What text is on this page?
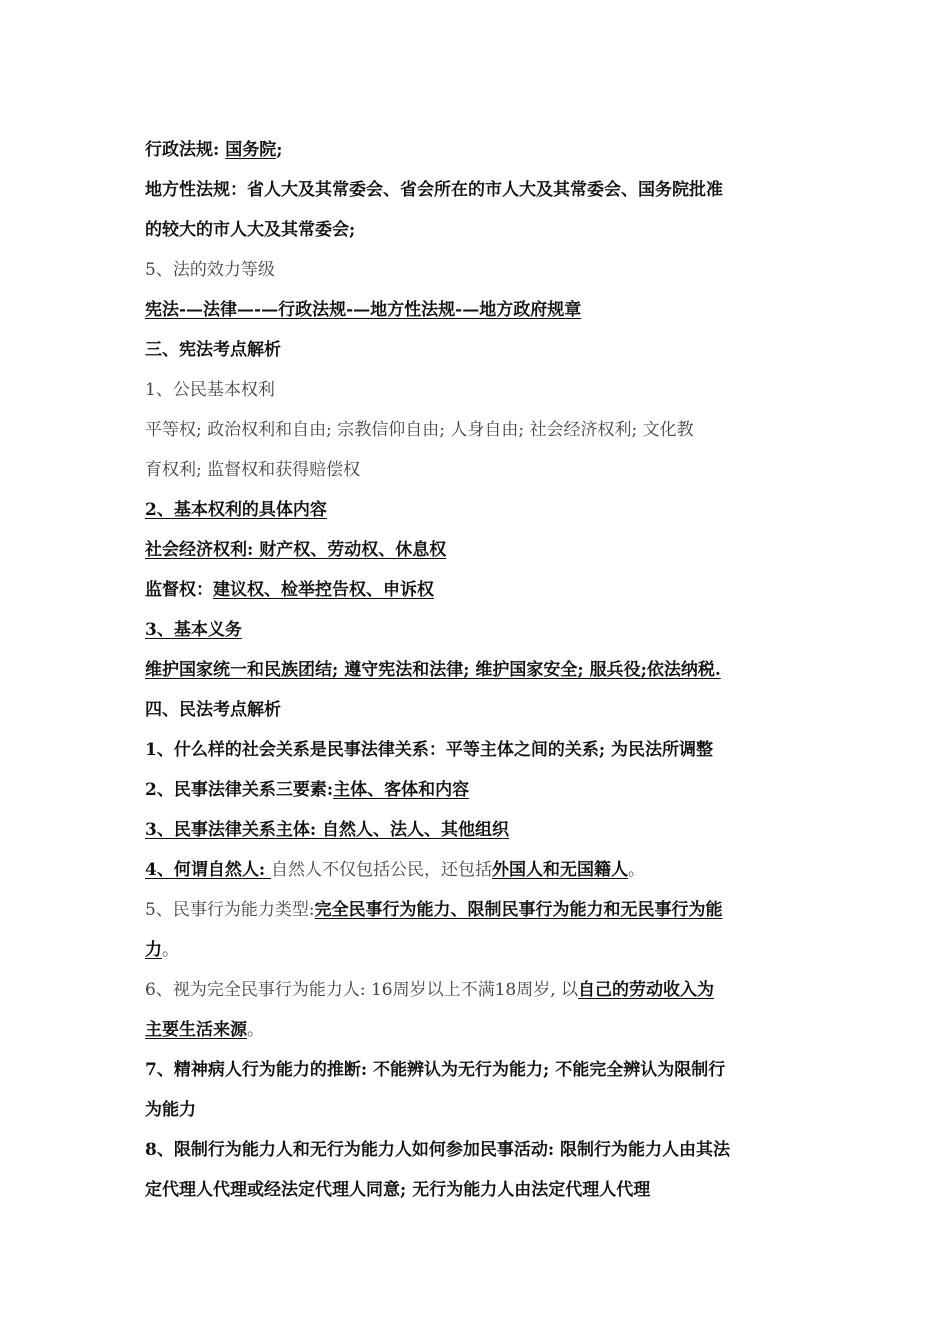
行政法规: 国务院;
地方性法规：省人大及其常委会、省会所在的市人大及其常委会、国务院批准
的较大的市人大及其常委会;
5、法的效力等级
宪法-—法律—-—行政法规-—地方性法规-—地方政府规章
三、宪法考点解析
1、公民基本权利
平等权; 政治权利和自由; 宗教信仰自由; 人身自由; 社会经济权利; 文化教
育权利; 监督权和获得赔偿权
2、基本权利的具体内容
社会经济权利: 财产权、劳动权、休息权
监督权：建议权、检举控告权、申诉权
3、基本义务
维护国家统一和民族团结; 遵守宪法和法律; 维护国家安全; 服兵役;依法纳税.
四、民法考点解析
1、什么样的社会关系是民事法律关系：平等主体之间的关系; 为民法所调整
2、民事法律关系三要素:主体、客体和内容
3、民事法律关系主体: 自然人、法人、其他组织
4、何谓自然人: 自然人不仅包括公民，还包括外国人和无国籍人。
5、民事行为能力类型:完全民事行为能力、限制民事行为能力和无民事行为能
力。
6、视为完全民事行为能力人: 16周岁以上不满18周岁, 以自己的劳动收入为
主要生活来源。
7、精神病人行为能力的推断: 不能辨认为无行为能力; 不能完全辨认为限制行
为能力
8、限制行为能力人和无行为能力人如何参加民事活动: 限制行为能力人由其法
定代理人代理或经法定代理人同意; 无行为能力人由法定代理人代理
